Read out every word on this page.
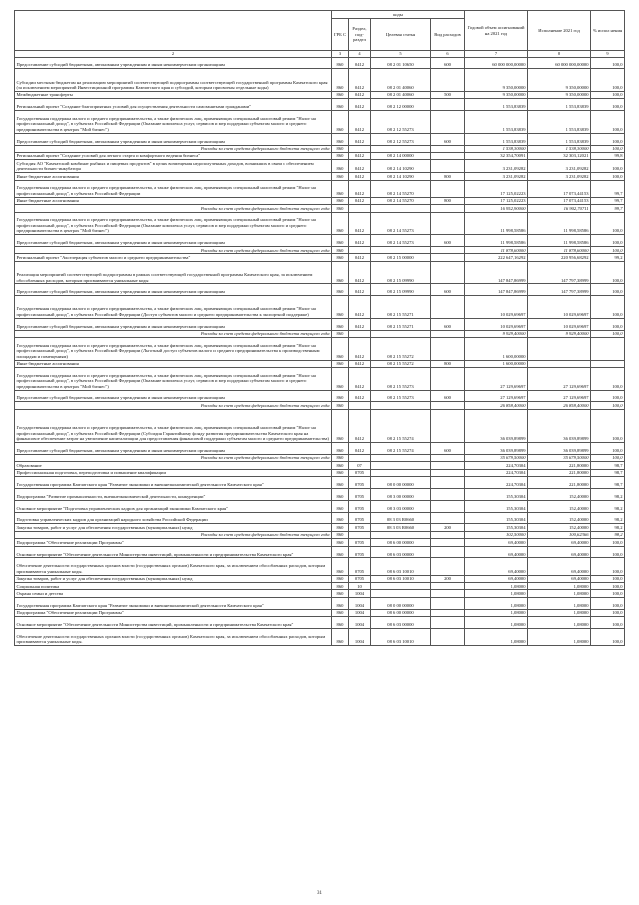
	коды				Годовой объем ассигнований на 2021 год	Исполнение 2021 год	% испол нения
	ГРБ С	Раздел, под-раздел	Целевая статья	Вид расходов			
2	3	4	5	6	7	8	9
Предоставление субсидий бюджетным, автономным учреждениям и иным некоммерческим организациям	860	0412	08 2 01 10650	600	60 000 000,00000	60 000 000,00000	100,0
Субсидии местным бюджетам на реализацию мероприятий соответствующей подпрограммы соответствующей государственной программы Камчатского края (за исключением мероприятий Инвестиционной программы Камчатского края и субсидий, которым присвоены отдельные коды)	860	0412	08 2 01 40060		9 350,00000	9 350,00000	100,0
Межбюджетные трансферты	860	0412	08 2 01 40060	500	9 350,00000	9 350,00000	100,0
Региональный проект "Создание благоприятных условий для осуществления деятельности самозанятыми гражданами"	860	0412	08 2 12 00000		1 553,83839	1 553,83839	100,0
Государственная поддержка малого и среднего предпринимательства, а также физических лиц, применяющих специальный налоговый режим "Налог на профессиональный доход", в субъектах Российской Федерации (Оказание комплекса услуг, сервисов и мер поддержки субъектам малого и среднего предпринимательства в центрах "Мой бизнес")	860	0412	08 2 12 55273		1 553,83839	1 553,83839	100,0
Предоставление субсидий бюджетным, автономным учреждениям и иным некоммерческим организациям	860	0412	08 2 12 55273	600	1 553,83839	1 553,83839	100,0
Расходы за счет средств федерального бюджета текущего года	860				1 538,30000	1 538,30000	100,0
Региональный проект "Создание условий для легкого старта и комфортного ведения бизнеса"	860	0412	08 2 14 00000		32 354,70091	32 303,12021	99,8
Субсидия АО "Камчатский комбинат рыбных и пищевых продуктов" в целях возмещения недополученных доходов, возникших в связи с обеспечением деятельности бизнес-инкубатора	860	0412	08 2 14 10290		3 231,09282	3 231,09282	100,0
Иные бюджетные ассигнования	860	0412	08 2 14 10290	800	3 231,09282	3 231,09282	100,0
Государственная поддержка малого и среднего предпринимательства, а также физических лиц, применяющих специальный налоговый режим "Налог на профессиональный доход", в субъектах Российской Федерации	860	0412	08 2 14 55270		17 125,02223	17 073,44153	99,7
Иные бюджетные ассигнования	860	0412	08 2 14 55270	800	17 125,02223	17 073,44153	99,7
Расходы за счет средств федерального бюджета текущего года	860				16 952,90000	16 902,70711	99,7
Государственная поддержка малого и среднего предпринимательства, а также физических лиц, применяющих специальный налоговый режим "Налог на профессиональный доход", в субъектах Российской Федерации (Оказание комплекса услуг, сервисов и мер поддержки субъектам малого и среднего предпринимательства в центрах "Мой бизнес")	860	0412	08 2 14 55273		11 998,58586	11 998,58586	100,0
Предоставление субсидий бюджетным, автономным учреждениям и иным некоммерческим организациям	860	0412	08 2 14 55273	600	11 998,58586	11 998,58586	100,0
Расходы за счет средств федерального бюджета текущего года	860				11 878,60000	11 878,60000	100,0
Региональный проект "Акселерация субъектов малого и среднего предпринимательства"	860	0412	08 2 15 00000		222 647,16292	220 956,68292	99,2
Реализация мероприятий соответствующей подпрограммы в рамках соответствующей государственной программы Камчатского края, за исключением обособленных расходов, которым присваиваются уникальные коды	860	0412	08 2 15 09990		147 847,86999	147 797,38999	100,0
Предоставление субсидий бюджетным, автономным учреждениям и иным некоммерческим организациям	860	0412	08 2 15 09990	600	147 847,86999	147 797,38999	100,0
Государственная поддержка малого и среднего предпринимательства, а также физических лиц, применяющих специальный налоговый режим "Налог на профессиональный доход", в субъектах Российской Федерации (Доступ субъектов малого и среднего предпринимательства к экспортной поддержке)	860	0412	08 2 15 55271		10 029,69697	10 029,69697	100,0
Предоставление субсидий бюджетным, автономным учреждениям и иным некоммерческим организациям	860	0412	08 2 15 55271	600	10 029,69697	10 029,69697	100,0
Расходы за счет средств федерального бюджета текущего года	860				9 929,40000	9 929,40000	100,0
Государственная поддержка малого и среднего предпринимательства, а также физических лиц, применяющих специальный налоговый режим "Налог на профессиональный доход", в субъектах Российской Федерации (Льготный доступ субъектов малого и среднего предпринимательства к производственным площадям и помещениям)	860	0412	08 2 15 55272		1 600,00000		
Иные бюджетные ассигнования	860	0412	08 2 15 55272	800	1 600,00000		
Государственная поддержка малого и среднего предпринимательства, а также физических лиц, применяющих специальный налоговый режим "Налог на профессиональный доход", в субъектах Российской Федерации (Оказание комплекса услуг, сервисов и мер поддержки субъектам малого и среднего предпринимательства в центрах "Мой бизнес")	860	0412	08 2 15 55273		27 129,69697	27 129,69697	100,0
Предоставление субсидий бюджетным, автономным учреждениям и иным некоммерческим организациям	860	0412	08 2 15 55273	600	27 129,69697	27 129,69697	100,0
Расходы за счет средств федерального бюджета текущего года	860				26 858,40000	26 858,40000	100,0
Государственная поддержка малого и среднего предпринимательства, а также физических лиц, применяющих специальный налоговый режим "Налог на профессиональный доход", в субъектах Российской Федерации (Субсидия Гарантийному фонду развития предпринимательства Камчатского края на финансовое обеспечение затрат на увеличение капитализации для предоставления финансовой поддержки субъектам малого и среднего предпринимательства)	860	0412	08 2 15 55274		36 039,89899	36 039,89899	100,0
Предоставление субсидий бюджетным, автономным учреждениям и иным некоммерческим организациям	860	0412	08 2 15 55274	600	36 039,89899	36 039,89899	100,0
Расходы за счет средств федерального бюджета текущего года	860				35 679,50000	35 679,50000	100,0
Образование	860	07			224,70304	221,80000	98,7
Профессиональная подготовка, переподготовка и повышение квалификации	860	0705			224,70304	221,80000	98,7
Государственная программа Камчатского края "Развитие экономики и внешнеэкономической деятельности Камчатского края"	860	0705	08 0 00 00000		224,70304	221,80000	98,7
Подпрограмма "Развитие промышленности, внешнеэкономической деятельности, конкуренции"	860	0705	08 3 00 00000		155,30304	152,40000	98,2
Основное мероприятие "Подготовка управленческих кадров для организаций экономики Камчатского края"	860	0705	08 3 03 00000		155,30304	152,40000	98,2
Подготовка управленческих кадров для организаций народного хозяйства Российской Федерации	860	0705	08 3 03 R0660		155,30304	152,40000	98,2
Закупка товаров, работ и услуг для обеспечения государственных (муниципальных) нужд	860	0705	08 3 03 R0660	200	155,30304	152,40000	98,2
Расходы за счет средств федерального бюджета текущего года	860				102,50000	100,62366	98,2
Подпрограмма "Обеспечение реализации Программы"	860	0705	08 6 00 00000		69,40000	69,40000	100,0
Основное мероприятие "Обеспечение деятельности Министерства инвестиций, промышленности и предпринимательства Камчатского края"	860	0705	08 6 03 00000		69,40000	69,40000	100,0
Обеспечение деятельности государственных органов власти (государственных органов) Камчатского края, за исключением обособленных расходов, которым присваиваются уникальные коды.	860	0705	08 6 03 10010		69,40000	69,40000	100,0
Закупка товаров, работ и услуг для обеспечения государственных (муниципальных) нужд	860	0705	08 6 03 10010	200	69,40000	69,40000	100,0
Социальная политика	860	10			1,08000	1,08000	100,0
Охрана семьи и детства	860	1004			1,08000	1,08000	100,0
Государственная программа Камчатского края "Развитие экономики и внешнеэкономической деятельности Камчатского края"	860	1004	08 0 00 00000		1,08000	1,08000	100,0
Подпрограмма "Обеспечение реализации Программы"	860	1004	08 6 00 00000		1,08000	1,08000	100,0
Основное мероприятие "Обеспечение деятельности Министерства инвестиций, промышленности и предпринимательства Камчатского края"	860	1004	08 6 03 00000		1,08000	1,08000	100,0
Обеспечение деятельности государственных органов власти (государственных органов) Камчатского края, за исключением обособленных расходов, которым присваиваются уникальные коды.	860	1004	08 6 03 10010		1,08000	1,08000	100,0
31
